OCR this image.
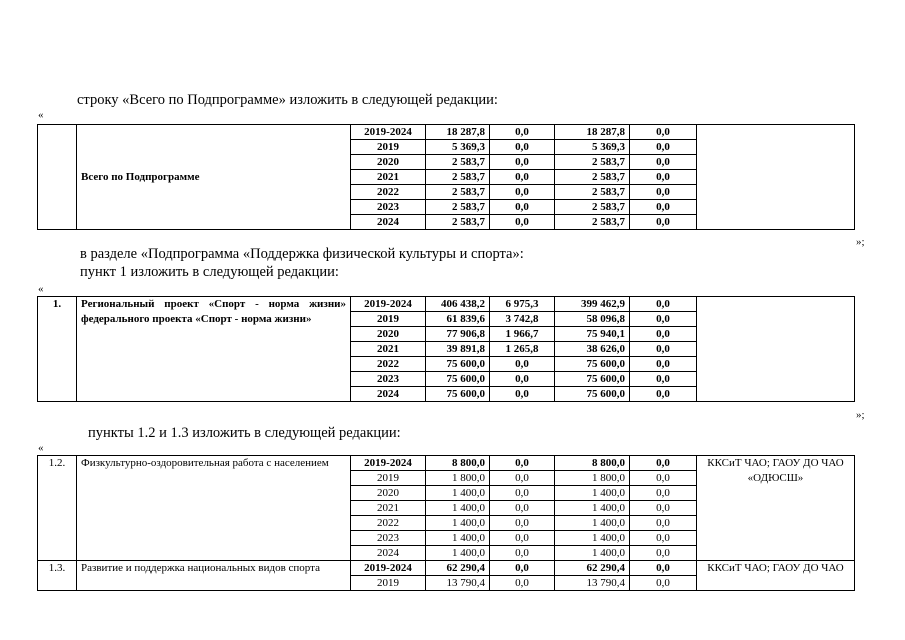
строку «Всего по Подпрограмме» изложить в следующей редакции:
«
	Всего по Подпрограмме	2019-2024	18 287,8	0,0	18 287,8	0,0	
		2019	5 369,3	0,0	5 369,3	0,0	
		2020	2 583,7	0,0	2 583,7	0,0	
		2021	2 583,7	0,0	2 583,7	0,0	
		2022	2 583,7	0,0	2 583,7	0,0	
		2023	2 583,7	0,0	2 583,7	0,0	
		2024	2 583,7	0,0	2 583,7	0,0	
»;
в разделе «Подпрограмма «Поддержка физической культуры и спорта»:
пункт 1 изложить в следующей редакции:
«
1.	Региональный проект «Спорт - норма жизни» федерального проекта «Спорт - норма жизни»	2019-2024	406 438,2	6 975,3	399 462,9	0,0	
		2019	61 839,6	3 742,8	58 096,8	0,0	
		2020	77 906,8	1 966,7	75 940,1	0,0	
		2021	39 891,8	1 265,8	38 626,0	0,0	
		2022	75 600,0	0,0	75 600,0	0,0	
		2023	75 600,0	0,0	75 600,0	0,0	
		2024	75 600,0	0,0	75 600,0	0,0	
»;
пункты 1.2 и 1.3 изложить в следующей редакции:
«
1.2.	Физкультурно-оздоровительная работа с населением	2019-2024	8 800,0	0,0	8 800,0	0,0	ККСиТ ЧАО; ГАОУ ДО ЧАО «ОДЮСШ»
		2019	1 800,0	0,0	1 800,0	0,0	
		2020	1 400,0	0,0	1 400,0	0,0	
		2021	1 400,0	0,0	1 400,0	0,0	
		2022	1 400,0	0,0	1 400,0	0,0	
		2023	1 400,0	0,0	1 400,0	0,0	
		2024	1 400,0	0,0	1 400,0	0,0	
1.3.	Развитие и поддержка национальных видов спорта	2019-2024	62 290,4	0,0	62 290,4	0,0	ККСиТ ЧАО; ГАОУ ДО ЧАО
		2019	13 790,4	0,0	13 790,4	0,0	
